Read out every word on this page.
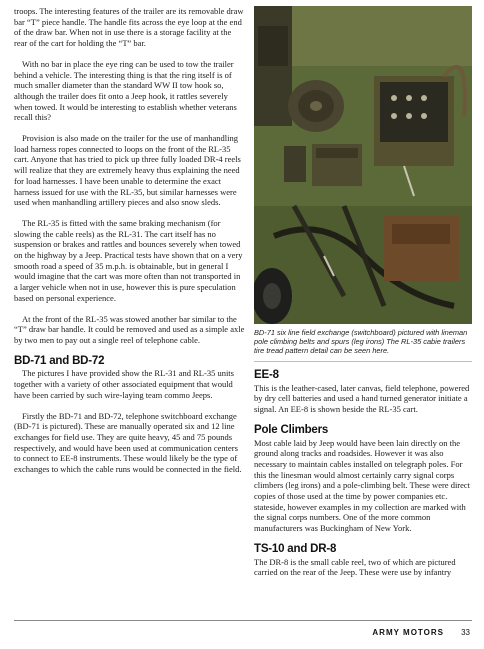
troops. The interesting features of the trailer are its removable draw bar “T” piece handle. The handle fits across the eye loop at the end of the draw bar. When not in use there is a storage facility at the rear of the cart for holding the “T” bar.

With no bar in place the eye ring can be used to tow the trailer behind a vehicle. The interesting thing is that the ring itself is of much smaller diameter than the standard WW II tow hook so, although the trailer does fit onto a Jeep hook, it rattles severely when towed. It would be interesting to establish whether veterans recall this?

Provision is also made on the trailer for the use of manhandling load harness ropes connected to loops on the front of the RL-35 cart. Anyone that has tried to pick up three fully loaded DR-4 reels will realize that they are extremely heavy thus explaining the need for load harnesses. I have been unable to determine the exact harness issued for use with the RL-35, but similar harnesses were used when manhandling artillery pieces and also snow sleds.

The RL-35 is fitted with the same braking mechanism (for slowing the cable reels) as the RL-31. The cart itself has no suspension or brakes and rattles and bounces severely when towed on the highway by a Jeep. Practical tests have shown that on a very smooth road a speed of 35 m.p.h. is obtainable, but in general I would imagine that the cart was more often than not transported in a larger vehicle when not in use, however this is pure speculation based on personal experience.

At the front of the RL-35 was stowed another bar similar to the “T” draw bar handle. It could be removed and used as a simple axle by two men to pay out a single reel of telephone cable.

BD-71 and BD-72

The pictures I have provided show the RL-31 and RL-35 units together with a variety of other associated equipment that would have been carried by such wire-laying team commo Jeeps.

Firstly the BD-71 and BD-72, telephone switchboard exchange (BD-71 is pictured). These are manually operated six and 12 line exchanges for field use. They are quite heavy, 45 and 75 pounds respectively, and would have been used at communication centers to connect to EE-8 instruments. These would likely be the type of exchanges to which the cable runs would be connected in the field.

BD-71 six line field exchange (switchboard) pictured with lineman pole climbing belts and spurs (leg irons) The RL-35 cabie trailers tire tread pattern detail can be seen here.

EE-8

This is the leather-cased, later canvas, field telephone, powered by dry cell batteries and used a hand turned generator initiate a signal. An EE-8 is shown beside the RL-35 cart.

Pole Climbers

Most cable laid by Jeep would have been lain directly on the ground along tracks and roadsides. However it was also necessary to maintain cables installed on telegraph poles. For this the linesman would almost certainly carry signal corps climbers (leg irons) and a pole-climbing belt. These were direct copies of those used at the time by power companies etc. stateside, however examples in my collection are marked with the signal corps numbers. One of the more common manufacturers was Buckingham of New York.

TS-10 and DR-8

The DR-8 is the small cable reel, two of which are pictured carried on the rear of the Jeep. These were use by infantry

ARMY MOTORS 33
